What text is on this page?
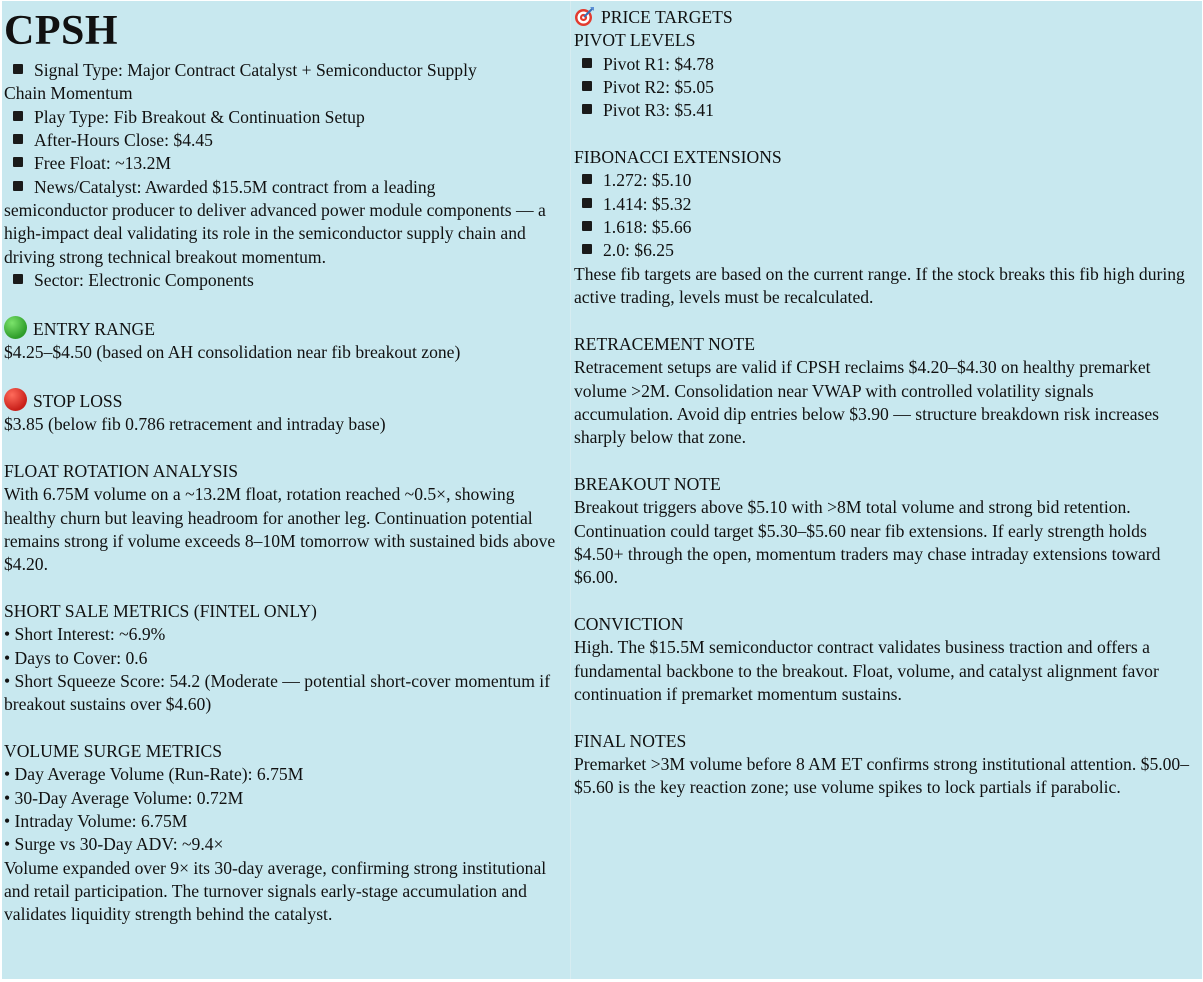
CPSH
Signal Type: Major Contract Catalyst + Semiconductor Supply
Chain Momentum
Play Type: Fib Breakout & Continuation Setup
After-Hours Close: $4.45
Free Float: ~13.2M
News/Catalyst: Awarded $15.5M contract from a leading
semiconductor producer to deliver advanced power module components — a high-impact deal validating its role in the semiconductor supply chain and driving strong technical breakout momentum.
Sector: Electronic Components
ENTRY RANGE
$4.25–$4.50 (based on AH consolidation near fib breakout zone)
STOP LOSS
$3.85 (below fib 0.786 retracement and intraday base)
FLOAT ROTATION ANALYSIS
With 6.75M volume on a ~13.2M float, rotation reached ~0.5×, showing healthy churn but leaving headroom for another leg. Continuation potential remains strong if volume exceeds 8–10M tomorrow with sustained bids above $4.20.
SHORT SALE METRICS (FINTEL ONLY)
• Short Interest: ~6.9%
• Days to Cover: 0.6
• Short Squeeze Score: 54.2 (Moderate — potential short-cover momentum if breakout sustains over $4.60)
VOLUME SURGE METRICS
• Day Average Volume (Run-Rate): 6.75M
• 30-Day Average Volume: 0.72M
• Intraday Volume: 6.75M
• Surge vs 30-Day ADV: ~9.4×
Volume expanded over 9× its 30-day average, confirming strong institutional and retail participation. The turnover signals early-stage accumulation and validates liquidity strength behind the catalyst.
PRICE TARGETS
PIVOT LEVELS
Pivot R1: $4.78
Pivot R2: $5.05
Pivot R3: $5.41
FIBONACCI EXTENSIONS
1.272: $5.10
1.414: $5.32
1.618: $5.66
2.0: $6.25
These fib targets are based on the current range. If the stock breaks this fib high during active trading, levels must be recalculated.
RETRACEMENT NOTE
Retracement setups are valid if CPSH reclaims $4.20–$4.30 on healthy premarket volume >2M. Consolidation near VWAP with controlled volatility signals accumulation. Avoid dip entries below $3.90 — structure breakdown risk increases sharply below that zone.
BREAKOUT NOTE
Breakout triggers above $5.10 with >8M total volume and strong bid retention. Continuation could target $5.30–$5.60 near fib extensions. If early strength holds $4.50+ through the open, momentum traders may chase intraday extensions toward $6.00.
CONVICTION
High. The $15.5M semiconductor contract validates business traction and offers a fundamental backbone to the breakout. Float, volume, and catalyst alignment favor continuation if premarket momentum sustains.
FINAL NOTES
Premarket >3M volume before 8 AM ET confirms strong institutional attention. $5.00–$5.60 is the key reaction zone; use volume spikes to lock partials if parabolic.
